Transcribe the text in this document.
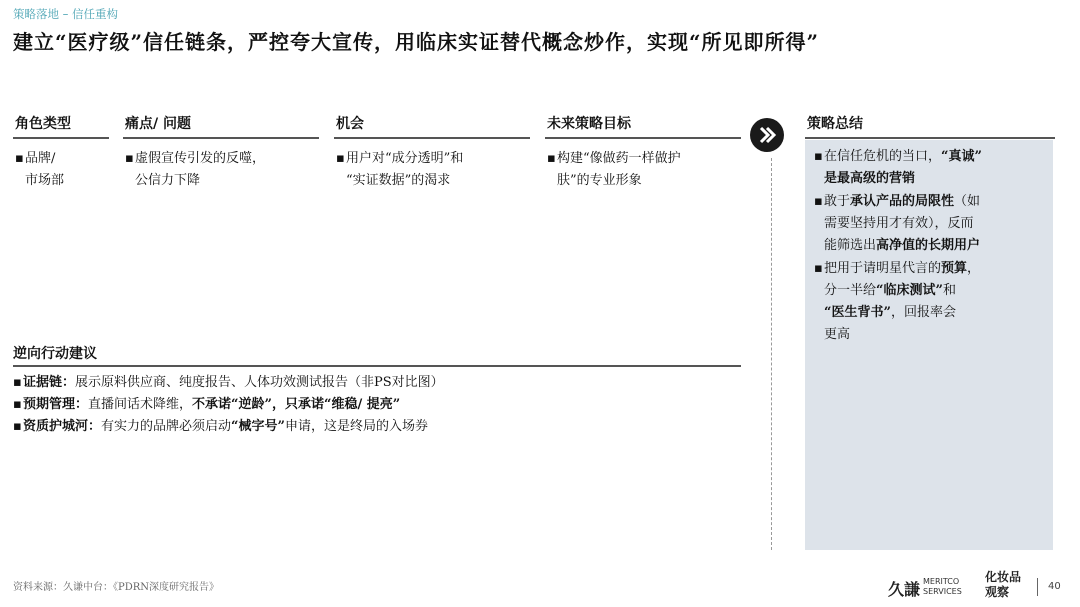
策略落地 – 信任重构
建立“医疗级”信任链条，严控夸大宣传，用临床实证替代概念炒作，实现“所见即所得”
角色类型	痛点/ 问题	机会	未来策略目标
▪品牌/
市场部
▪虚假宣传引发的反噬，
公信力下降
▪用户对“成分透明”和
“实证数据”的渴求
▪构建“像做药一样做护
肤”的专业形象
策略总结
▪ 在信任危机的当口，“真诚”
是最高级的营销
▪ 敢于承认产品的局限性（如
需要坚持用才有效），反而
能筛选出高净值的长期用户
▪ 把用于请明星代言的预算，
分一半给“临床测试”和
“医生背书”，回报率会
更高
逆向行动建议
▪证据链：展示原料供应商、纯度报告、人体功效测试报告（非PS对比图）
▪预期管理：直播间话术降维，不承诺“逆龄”，只承诺“维稳/ 提亮”
▪资质护城河：有实力的品牌必须启动“械字号”申请，这是终局的入场券
资料来源：久谦中台：《PDRN深度研究报告》	久謙 MERITCO
SERVICES
化妆品
观察	40
